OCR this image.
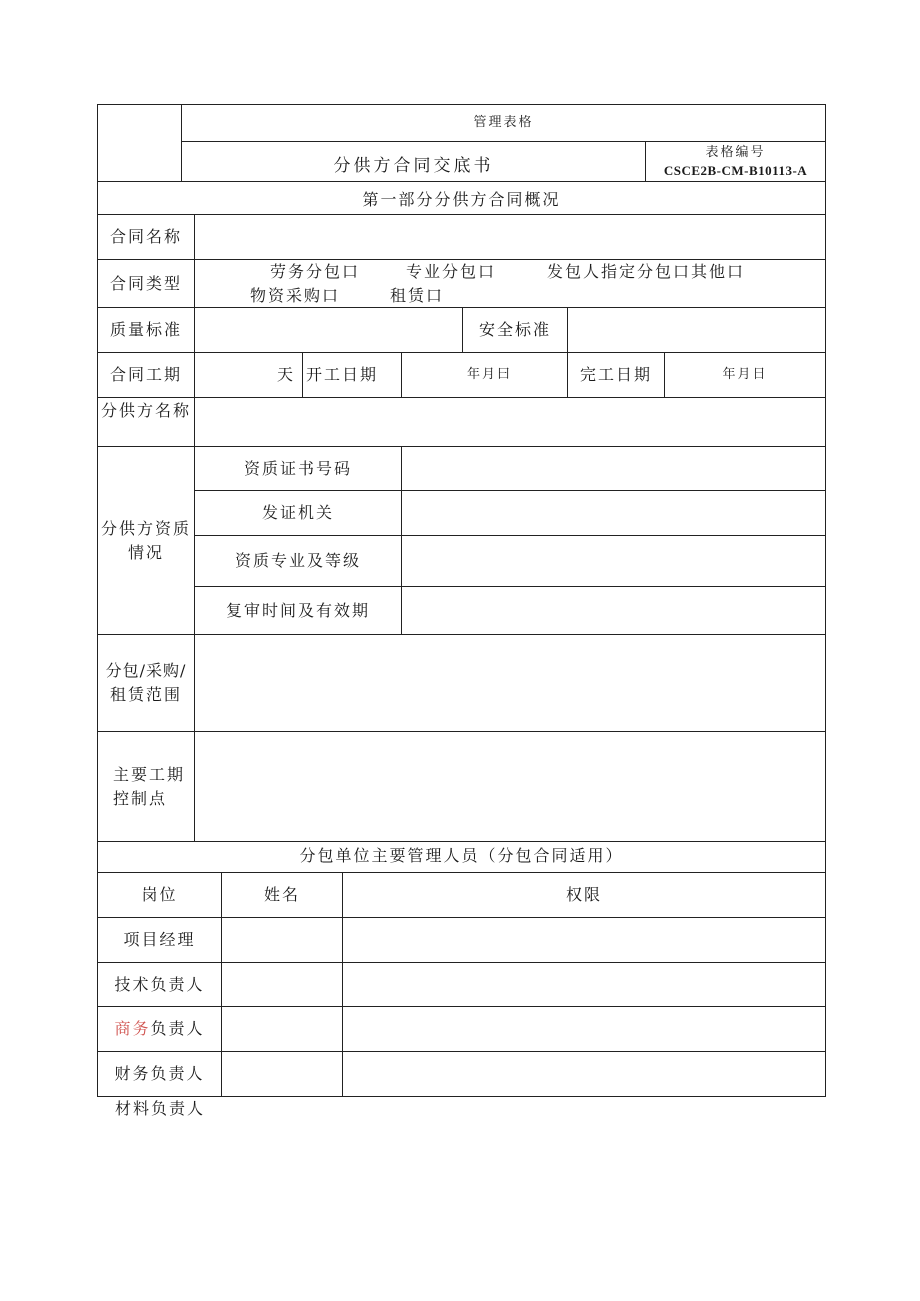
管理表格
分供方合同交底书
表格编号
CSCE2B-CM-B10113-A
第一部分分供方合同概况
合同名称
合同类型
劳务分包口	专业分包口	发包人指定分包口其他口
物资采购口	租赁口
质量标准	安全标准
合同工期	天 开工日期	年月曰	完工日期	年月日
分供方名称
分供方资质
情况
资质证书号码
发证机关
资质专业及等级
复审时间及有效期
分包/采购/
租赁范围
主要工期
控制点
分包单位主要管理人员（分包合同适用）
岗位	姓名	权限
项目经理
技术负责人
商务负责人
财务负责人
材料负责人
